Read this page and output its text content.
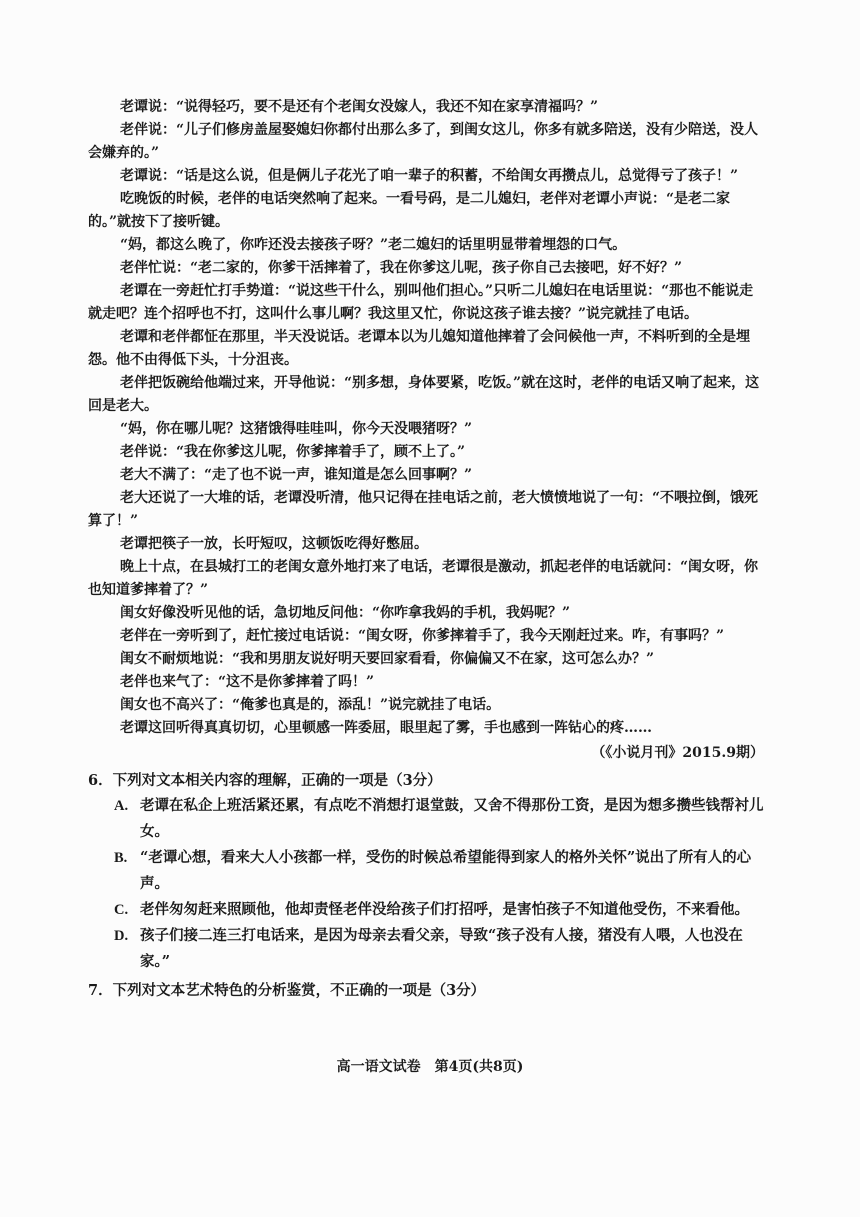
老谭说：“说得轻巧，要不是还有个老闺女没嫁人，我还不知在家享清福吗？”

老伴说：“儿子们修房盖屋娶媳妇你都付出那么多了，到闺女这儿，你多有就多陪送，没有少陪送，没人会嫌弃的。”

老谭说：“话是这么说，但是俩儿子花光了咱一辈子的积蓄，不给闺女再攒点儿，总觉得亏了孩子！”

吃晚饭的时候，老伴的电话突然响了起来。一看号码，是二儿媳妇，老伴对老谭小声说：“是老二家的。”就按下了接听键。

“妈，都这么晚了，你咋还没去接孩子呀？”老二媳妇的话里明显带着埋怨的口气。

老伴忙说：“老二家的，你爹干活摔着了，我在你爹这儿呢，孩子你自己去接吧，好不好？”

老谭在一旁赶忙打手势道：“说这些干什么，别叫他们担心。”只听二儿媳妇在电话里说：“那也不能说走就走吧？连个招呼也不打，这叫什么事儿啊？我这里又忙，你说这孩子谁去接？”说完就挂了电话。

老谭和老伴都怔在那里，半天没说话。老谭本以为儿媳知道他摔着了会问候他一声，不料听到的全是埋怨。他不由得低下头，十分沮丧。

老伴把饭碗给他端过来，开导他说：“别多想，身体要紧，吃饭。”就在这时，老伴的电话又响了起来，这回是老大。

“妈，你在哪儿呢？这猪饿得哇哇叫，你今天没喂猪呀？”

老伴说：“我在你爹这儿呢，你爹摔着手了，顾不上了。”

老大不满了：“走了也不说一声，谁知道是怎么回事啊？”

老大还说了一大堆的话，老谭没听清，他只记得在挂电话之前，老大愤愤地说了一句：“不喂拉倒，饿死算了！”

老谭把筷子一放，长吁短叹，这顿饭吃得好憋屈。

晚上十点，在县城打工的老闺女意外地打来了电话，老谭很是激动，抓起老伴的电话就问：“闺女呀，你也知道爹摔着了？”

闺女好像没听见他的话，急切地反问他：“你咋拿我妈的手机，我妈呢？”

老伴在一旁听到了，赶忙接过电话说：“闺女呀，你爹摔着手了，我今天刚赶过来。咋，有事吗？”

闺女不耐烦地说：“我和男朋友说好明天要回家看看，你偏偏又不在家，这可怎么办？”

老伴也来气了：“这不是你爹摔着了吗！”

闺女也不高兴了：“俺爹也真是的，添乱！”说完就挂了电话。

老谭这回听得真真切切，心里顿感一阵委屈，眼里起了雾，手也感到一阵钻心的疼……

（《小说月刊》2015.9期）

6．下列对文本相关内容的理解，正确的一项是（3分）

A. 老谭在私企上班活紧还累，有点吃不消想打退堂鼓，又舍不得那份工资，是因为想多攒些钱帮衬儿女。
B. “老谭心想，看来大人小孩都一样，受伤的时候总希望能得到家人的格外关怀”说出了所有人的心声。
C. 老伴匆匆赶来照顾他，他却责怪老伴没给孩子们打招呼，是害怕孩子不知道他受伤，不来看他。
D. 孩子们接二连三打电话来，是因为母亲去看父亲，导致“孩子没有人接，猪没有人喂，人也没在家。”

7．下列对文本艺术特色的分析鉴赏，不正确的一项是（3分）

高一语文试卷　第4页(共8页)
